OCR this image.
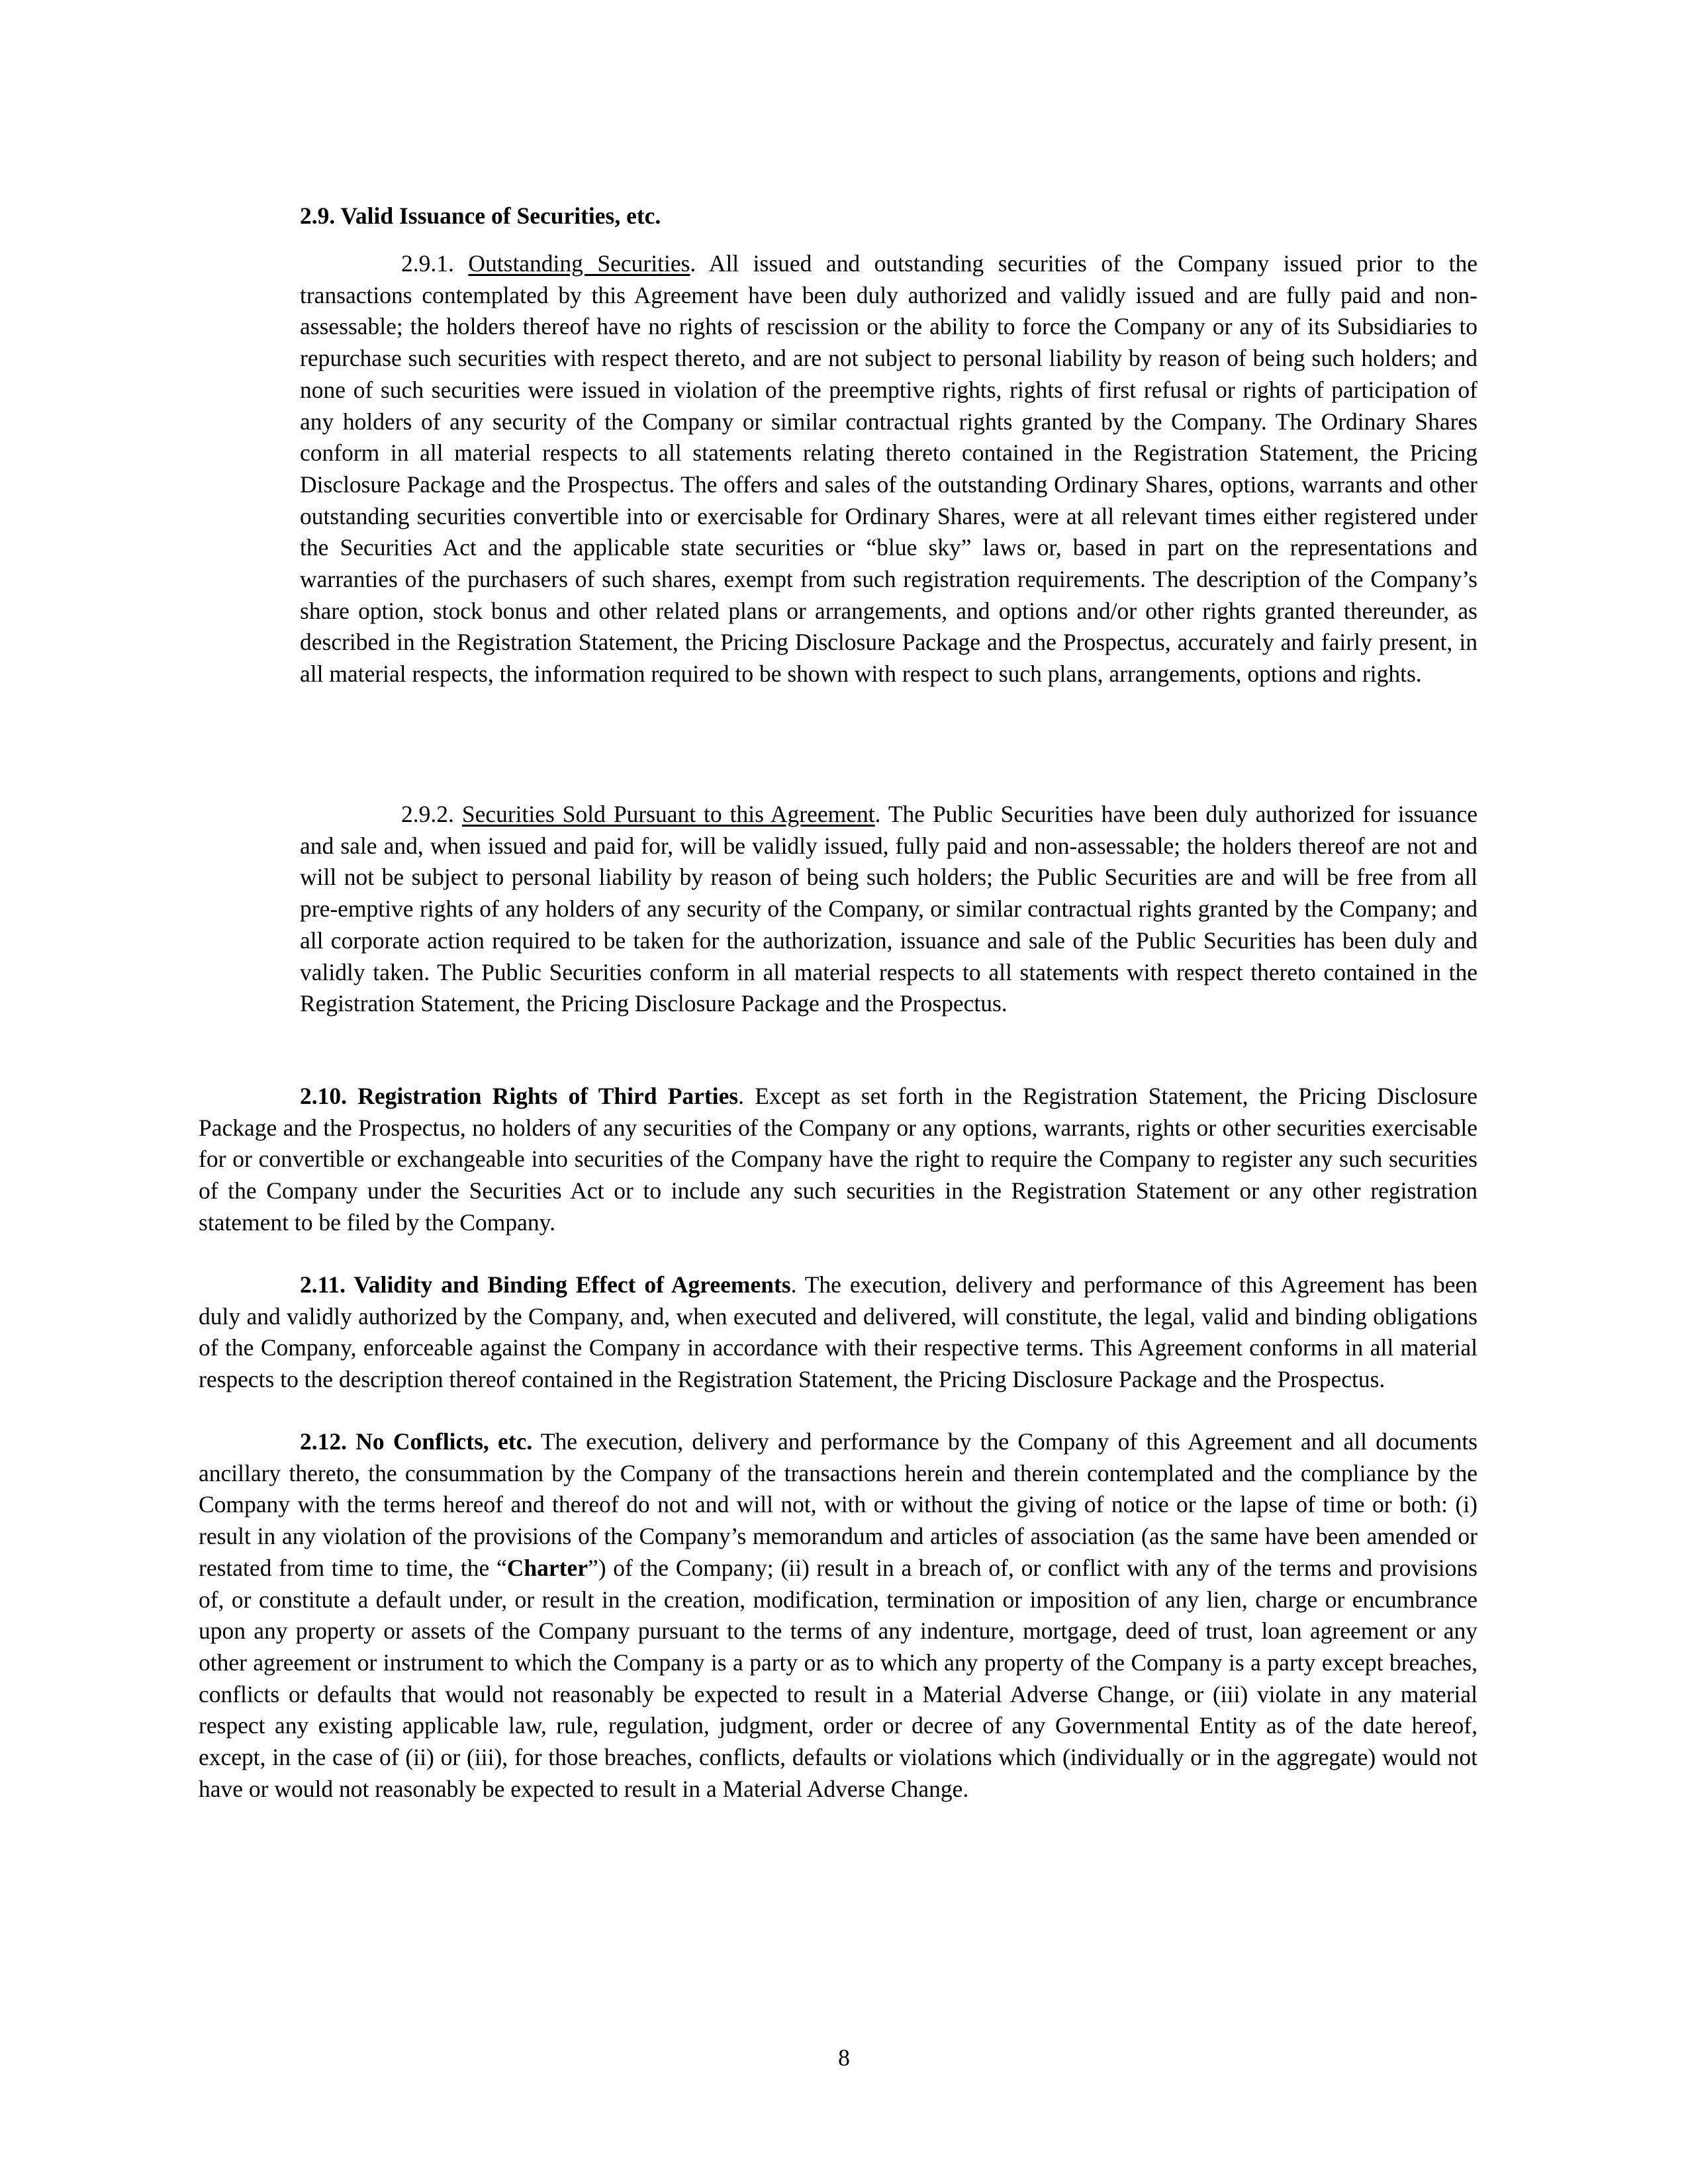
2.9. Valid Issuance of Securities, etc.
2.9.1. Outstanding Securities. All issued and outstanding securities of the Company issued prior to the transactions contemplated by this Agreement have been duly authorized and validly issued and are fully paid and non-assessable; the holders thereof have no rights of rescission or the ability to force the Company or any of its Subsidiaries to repurchase such securities with respect thereto, and are not subject to personal liability by reason of being such holders; and none of such securities were issued in violation of the preemptive rights, rights of first refusal or rights of participation of any holders of any security of the Company or similar contractual rights granted by the Company. The Ordinary Shares conform in all material respects to all statements relating thereto contained in the Registration Statement, the Pricing Disclosure Package and the Prospectus. The offers and sales of the outstanding Ordinary Shares, options, warrants and other outstanding securities convertible into or exercisable for Ordinary Shares, were at all relevant times either registered under the Securities Act and the applicable state securities or “blue sky” laws or, based in part on the representations and warranties of the purchasers of such shares, exempt from such registration requirements. The description of the Company’s share option, stock bonus and other related plans or arrangements, and options and/or other rights granted thereunder, as described in the Registration Statement, the Pricing Disclosure Package and the Prospectus, accurately and fairly present, in all material respects, the information required to be shown with respect to such plans, arrangements, options and rights.
2.9.2. Securities Sold Pursuant to this Agreement. The Public Securities have been duly authorized for issuance and sale and, when issued and paid for, will be validly issued, fully paid and non-assessable; the holders thereof are not and will not be subject to personal liability by reason of being such holders; the Public Securities are and will be free from all pre-emptive rights of any holders of any security of the Company, or similar contractual rights granted by the Company; and all corporate action required to be taken for the authorization, issuance and sale of the Public Securities has been duly and validly taken. The Public Securities conform in all material respects to all statements with respect thereto contained in the Registration Statement, the Pricing Disclosure Package and the Prospectus.
2.10. Registration Rights of Third Parties. Except as set forth in the Registration Statement, the Pricing Disclosure Package and the Prospectus, no holders of any securities of the Company or any options, warrants, rights or other securities exercisable for or convertible or exchangeable into securities of the Company have the right to require the Company to register any such securities of the Company under the Securities Act or to include any such securities in the Registration Statement or any other registration statement to be filed by the Company.
2.11. Validity and Binding Effect of Agreements. The execution, delivery and performance of this Agreement has been duly and validly authorized by the Company, and, when executed and delivered, will constitute, the legal, valid and binding obligations of the Company, enforceable against the Company in accordance with their respective terms. This Agreement conforms in all material respects to the description thereof contained in the Registration Statement, the Pricing Disclosure Package and the Prospectus.
2.12. No Conflicts, etc. The execution, delivery and performance by the Company of this Agreement and all documents ancillary thereto, the consummation by the Company of the transactions herein and therein contemplated and the compliance by the Company with the terms hereof and thereof do not and will not, with or without the giving of notice or the lapse of time or both: (i) result in any violation of the provisions of the Company’s memorandum and articles of association (as the same have been amended or restated from time to time, the “Charter”) of the Company; (ii) result in a breach of, or conflict with any of the terms and provisions of, or constitute a default under, or result in the creation, modification, termination or imposition of any lien, charge or encumbrance upon any property or assets of the Company pursuant to the terms of any indenture, mortgage, deed of trust, loan agreement or any other agreement or instrument to which the Company is a party or as to which any property of the Company is a party except breaches, conflicts or defaults that would not reasonably be expected to result in a Material Adverse Change, or (iii) violate in any material respect any existing applicable law, rule, regulation, judgment, order or decree of any Governmental Entity as of the date hereof, except, in the case of (ii) or (iii), for those breaches, conflicts, defaults or violations which (individually or in the aggregate) would not have or would not reasonably be expected to result in a Material Adverse Change.
8
